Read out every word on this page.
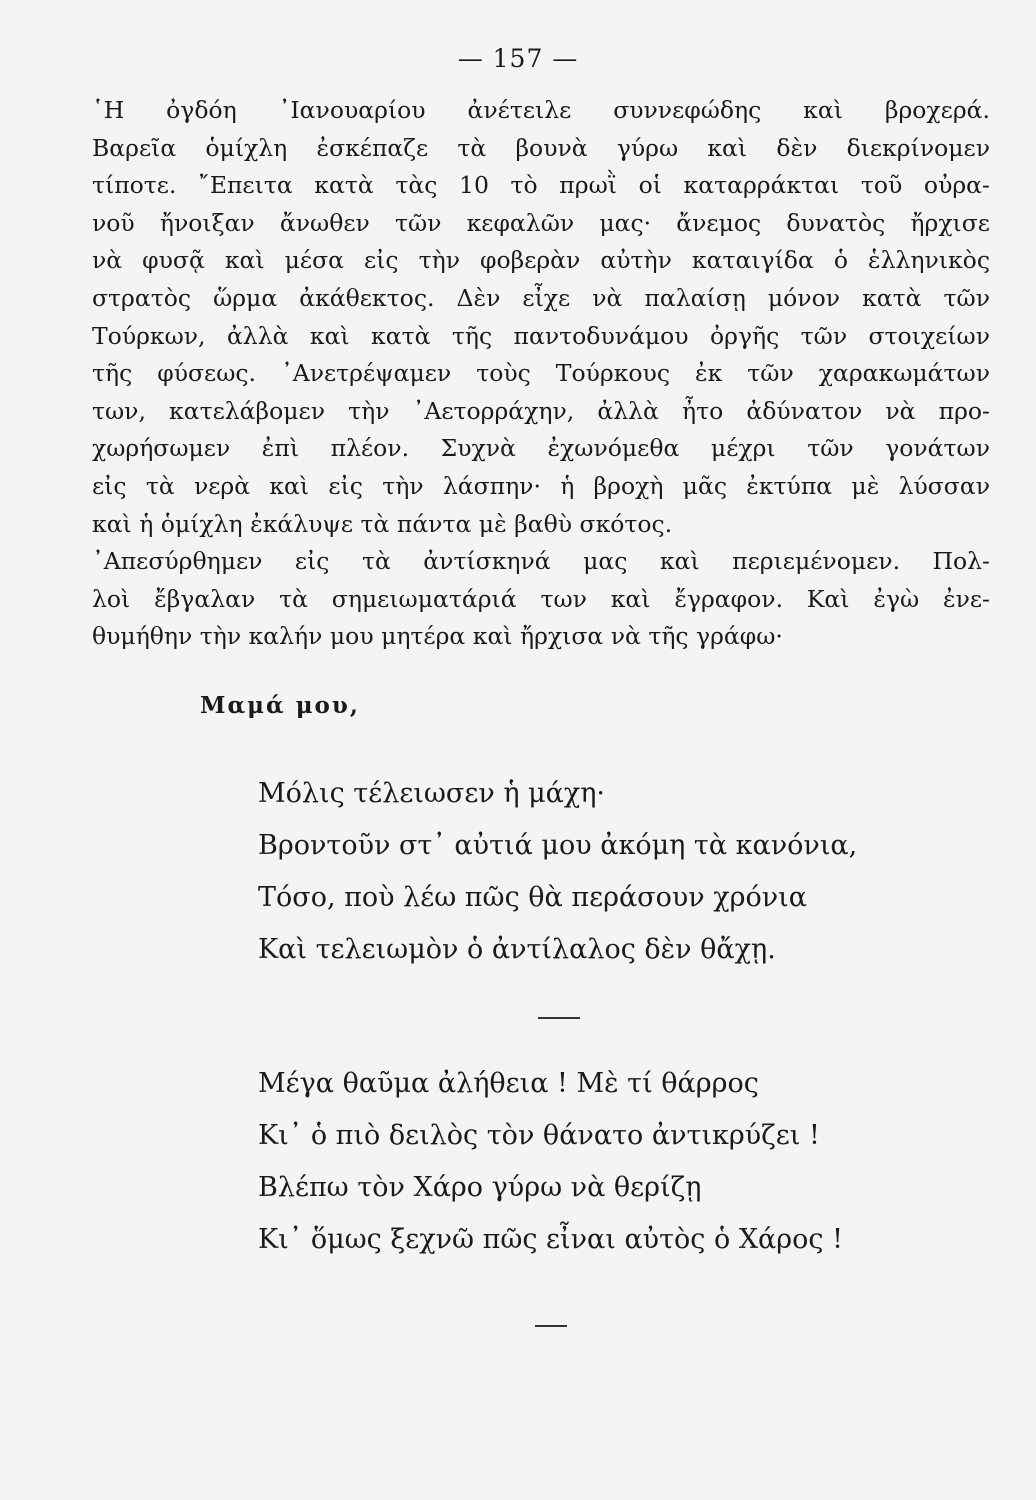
— 157 —
῾Η ὀγδόη ᾿Ιανουαρίου ἀνέτειλε συννεφώδης καὶ βροχερά.
Βαρεῖα ὁμίχλη ἐσκέπαζε τὰ βουνὰ γύρω καὶ δὲν διεκρίνομεν
τίποτε. ῎Επειτα κατὰ τὰς 10 τὸ πρωῒ οἱ καταρράκται τοῦ οὐρα-
νοῦ ἤνοιξαν ἄνωθεν τῶν κεφαλῶν μας· ἄνεμος δυνατὸς ἤρχισε
νὰ φυσᾷ καὶ μέσα εἰς τὴν φοβερὰν αὐτὴν καταιγίδα ὁ ἑλληνικὸς
στρατὸς ὥρμα ἀκάθεκτος. Δὲν εἶχε νὰ παλαίσῃ μόνον κατὰ τῶν
Τούρκων, ἀλλὰ καὶ κατὰ τῆς παντοδυνάμου ὀργῆς τῶν στοιχείων
τῆς φύσεως. ᾿Ανετρέψαμεν τοὺς Τούρκους ἐκ τῶν χαρακωμάτων
των, κατελάβομεν τὴν ᾿Αετορράχην, ἀλλὰ ἦτο ἀδύνατον νὰ προ-
χωρήσωμεν ἐπὶ πλέον. Συχνὰ ἐχωνόμεθα μέχρι τῶν γονάτων
εἰς τὰ νερὰ καὶ εἰς τὴν λάσπην· ἡ βροχὴ μᾶς ἐκτύπα μὲ λύσσαν
καὶ ἡ ὁμίχλη ἐκάλυψε τὰ πάντα μὲ βαθὺ σκότος.
᾿Απεσύρθημεν εἰς τὰ ἀντίσκηνά μας καὶ περιεμένομεν. Πολ-
λοὶ ἔβγαλαν τὰ σημειωματάριά των καὶ ἔγραφον. Καὶ ἐγὼ ἐνε-
θυμήθην τὴν καλήν μου μητέρα καὶ ἤρχισα νὰ τῆς γράφω·
Μαμά μου,
Μόλις τέλειωσεν ἡ μάχη·
Βροντοῦν στ᾿ αὐτιά μου ἀκόμη τὰ κανόνια,
Τόσο, ποὺ λέω πῶς θὰ περάσουν χρόνια
Καὶ τελειωμὸν ὁ ἀντίλαλος δὲν θἄχῃ.
Μέγα θαῦμα ἀλήθεια ! Μὲ τί θάρρος
Κι᾿ ὁ πιὸ δειλὸς τὸν θάνατο ἀντικρύζει !
Βλέπω τὸν Χάρο γύρω νὰ θερίζῃ
Κι᾿ ὅμως ξεχνῶ πῶς εἶναι αὐτὸς ὁ Χάρος !
